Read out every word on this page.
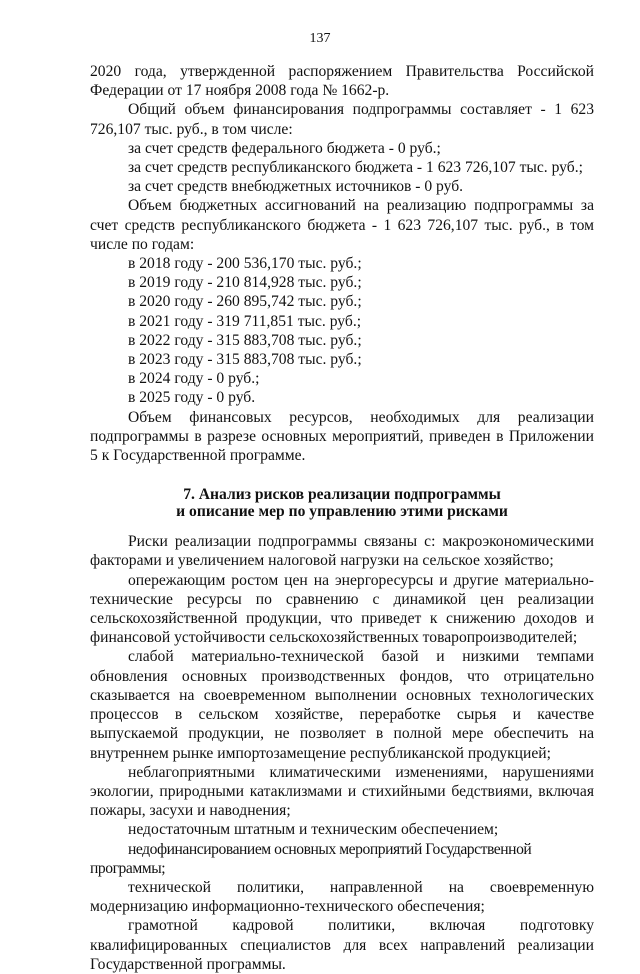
137

2020 года, утвержденной распоряжением Правительства Российской Федерации от 17 ноября 2008 года № 1662-р.

Общий объем финансирования подпрограммы составляет - 1 623 726,107 тыс. руб., в том числе:

за счет средств федерального бюджета - 0 руб.;

за счет средств республиканского бюджета - 1 623 726,107 тыс. руб.;

за счет средств внебюджетных источников - 0 руб.

Объем бюджетных ассигнований на реализацию подпрограммы за счет средств республиканского бюджета - 1 623 726,107 тыс. руб., в том числе по годам:

в 2018 году - 200 536,170 тыс. руб.;

в 2019 году - 210 814,928 тыс. руб.;

в 2020 году - 260 895,742 тыс. руб.;

в 2021 году - 319 711,851 тыс. руб.;

в 2022 году - 315 883,708 тыс. руб.;

в 2023 году - 315 883,708 тыс. руб.;

в 2024 году - 0 руб.;

в 2025 году - 0 руб.

Объем финансовых ресурсов, необходимых для реализации подпрограммы в разрезе основных мероприятий, приведен в Приложении 5 к Государственной программе.

7. Анализ рисков реализации подпрограммы
и описание мер по управлению этими рисками

Риски реализации подпрограммы связаны с: макроэкономическими факторами и увеличением налоговой нагрузки на сельское хозяйство;

опережающим ростом цен на энергоресурсы и другие материально-технические ресурсы по сравнению с динамикой цен реализации сельскохозяйственной продукции, что приведет к снижению доходов и финансовой устойчивости сельскохозяйственных товаропроизводителей;

слабой материально-технической базой и низкими темпами обновления основных производственных фондов, что отрицательно сказывается на своевременном выполнении основных технологических процессов в сельском хозяйстве, переработке сырья и качестве выпускаемой продукции, не позволяет в полной мере обеспечить на внутреннем рынке импортозамещение республиканской продукцией;

неблагоприятными климатическими изменениями, нарушениями экологии, природными катаклизмами и стихийными бедствиями, включая пожары, засухи и наводнения;

недостаточным штатным и техническим обеспечением;

недофинансированием основных мероприятий Государственной программы;

технической политики, направленной на своевременную модернизацию информационно-технического обеспечения;

грамотной кадровой политики, включая подготовку квалифицированных специалистов для всех направлений реализации Государственной программы.
